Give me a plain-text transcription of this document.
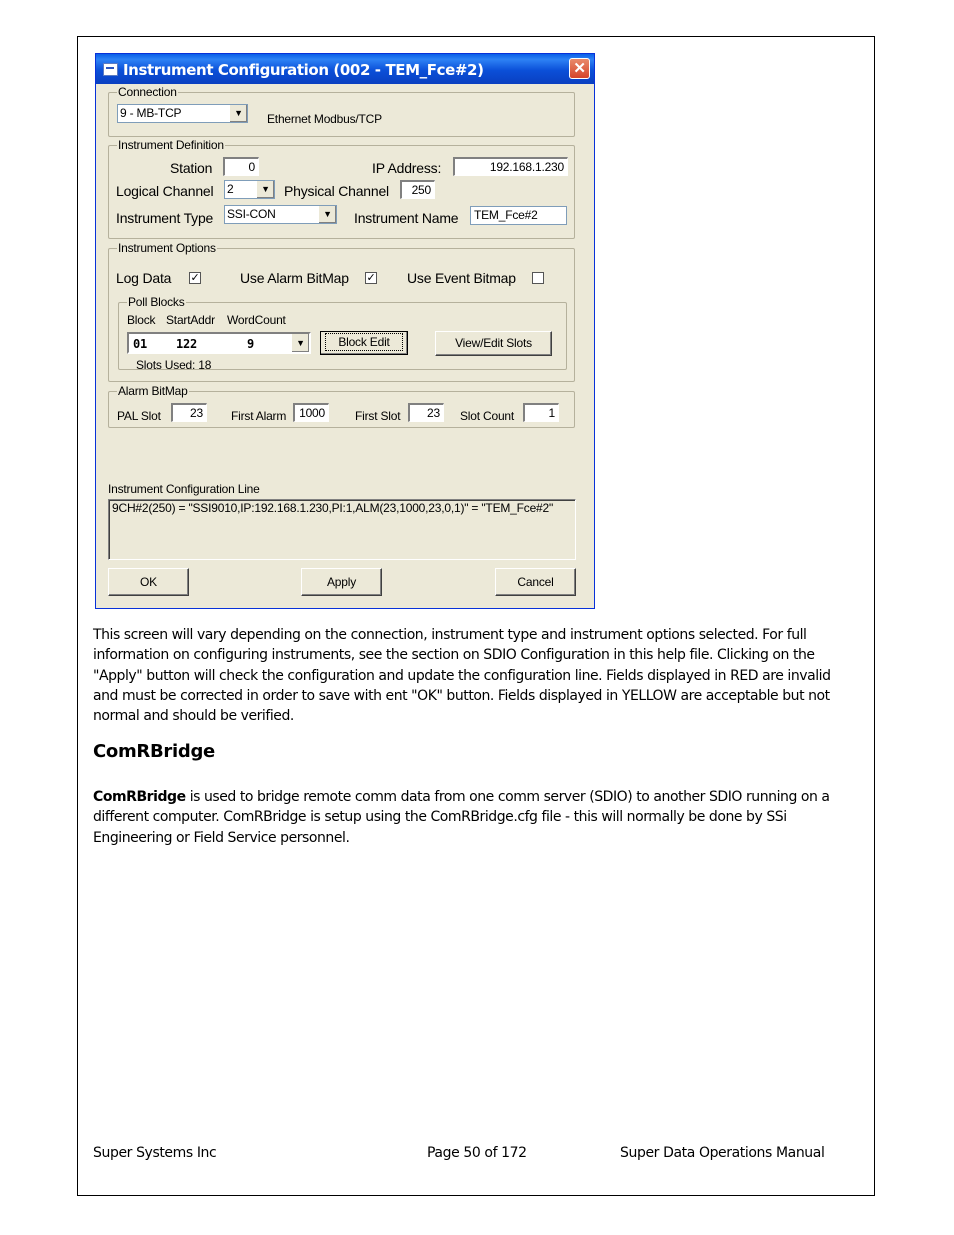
Instrument Configuration (002 - TEM_Fce#2)	✕
Connection
9 - MB-TCP	▼	Ethernet Modbus/TCP
Instrument Definition
Station	0	IP Address:	192.168.1.230
Logical Channel 2	▼ Physical Channel	250
Instrument Type SSI-CON	▼ Instrument Name	TEM_Fce#2
Instrument Options
Log Data ✓	Use Alarm BitMap ✓ Use Event Bitmap
Poll Blocks
Block StartAddr WordCount
01 122	9	▼	Block Edit	View/Edit Slots
Slots Used: 18
Alarm BitMap
PAL Slot	23	First Alarm	1000	First Slot	23	Slot Count	1
Instrument Configuration Line
9CH#2(250) = "SSI9010,IP:192.168.1.230,PI:1,ALM(23,1000,23,0,1)" = "TEM_Fce#2"
OK	Apply	Cancel

This screen will vary depending on the connection, instrument type and instrument options selected. For full information on configuring instruments, see the section on SDIO Configuration in this help file. Clicking on the "Apply" button will check the configuration and update the configuration line. Fields displayed in RED are invalid and must be corrected in order to save with ent "OK" button. Fields displayed in YELLOW are acceptable but not normal and should be verified.

ComRBridge

ComRBridge is used to bridge remote comm data from one comm server (SDIO) to another SDIO running on a different computer. ComRBridge is setup using the ComRBridge.cfg file - this will normally be done by SSi Engineering or Field Service personnel.

Super Systems Inc	Page 50 of 172	Super Data Operations Manual
